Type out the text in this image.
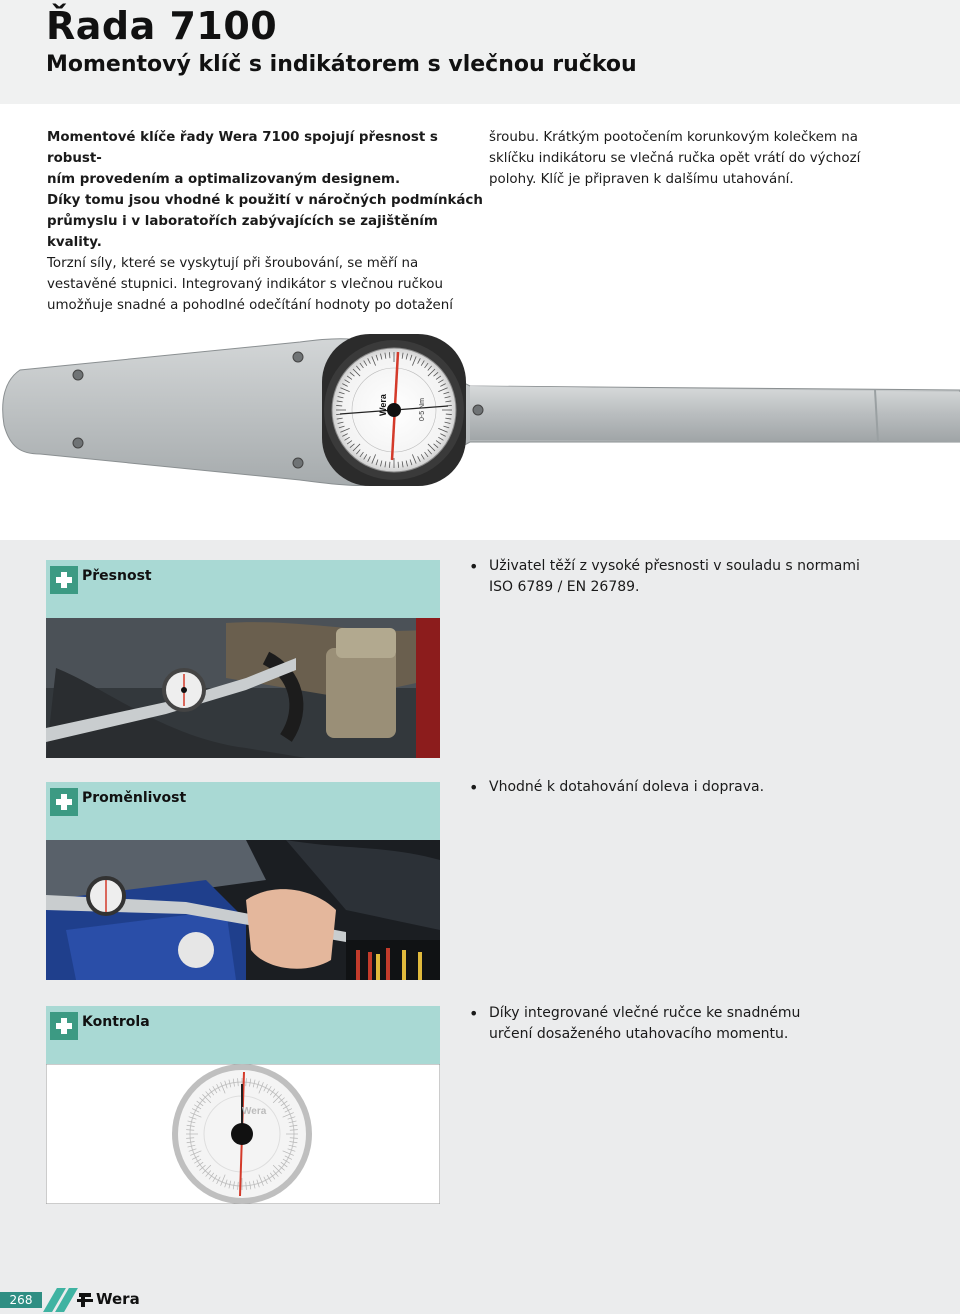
Řada 7100
Momentový klíč s indikátorem s vlečnou ručkou
Momentové klíče řady Wera 7100 spojují přesnost s robust-
ním provedením a optimalizovaným designem.
Díky tomu jsou vhodné k použití v náročných podmínkách
průmyslu i v laboratořích zabývajících se zajištěním kvality.
šroubu. Krátkým pootočením korunkovým kolečkem na
sklíčku indikátoru se vlečná ručka opět vrátí do výchozí
polohy. Klíč je připraven k dalšímu utahování.
Torzní síly, které se vyskytují při šroubování, se měří na
vestavěné stupnici. Integrovaný indikátor s vlečnou ručkou
umožňuje snadné a pohodlné odečítání hodnoty po dotažení
Wera	0-5 Nm
Přesnost	• Uživatel těží z vysoké přesnosti v souladu s normami
ISO 6789 / EN 26789.
Proměnlivost
• Vhodné k dotahování doleva i doprava.
Kontrola	• Díky integrované vlečné ručce ke snadnému
určení dosaženého utahovacího momentu.
Wera
268	Wera
